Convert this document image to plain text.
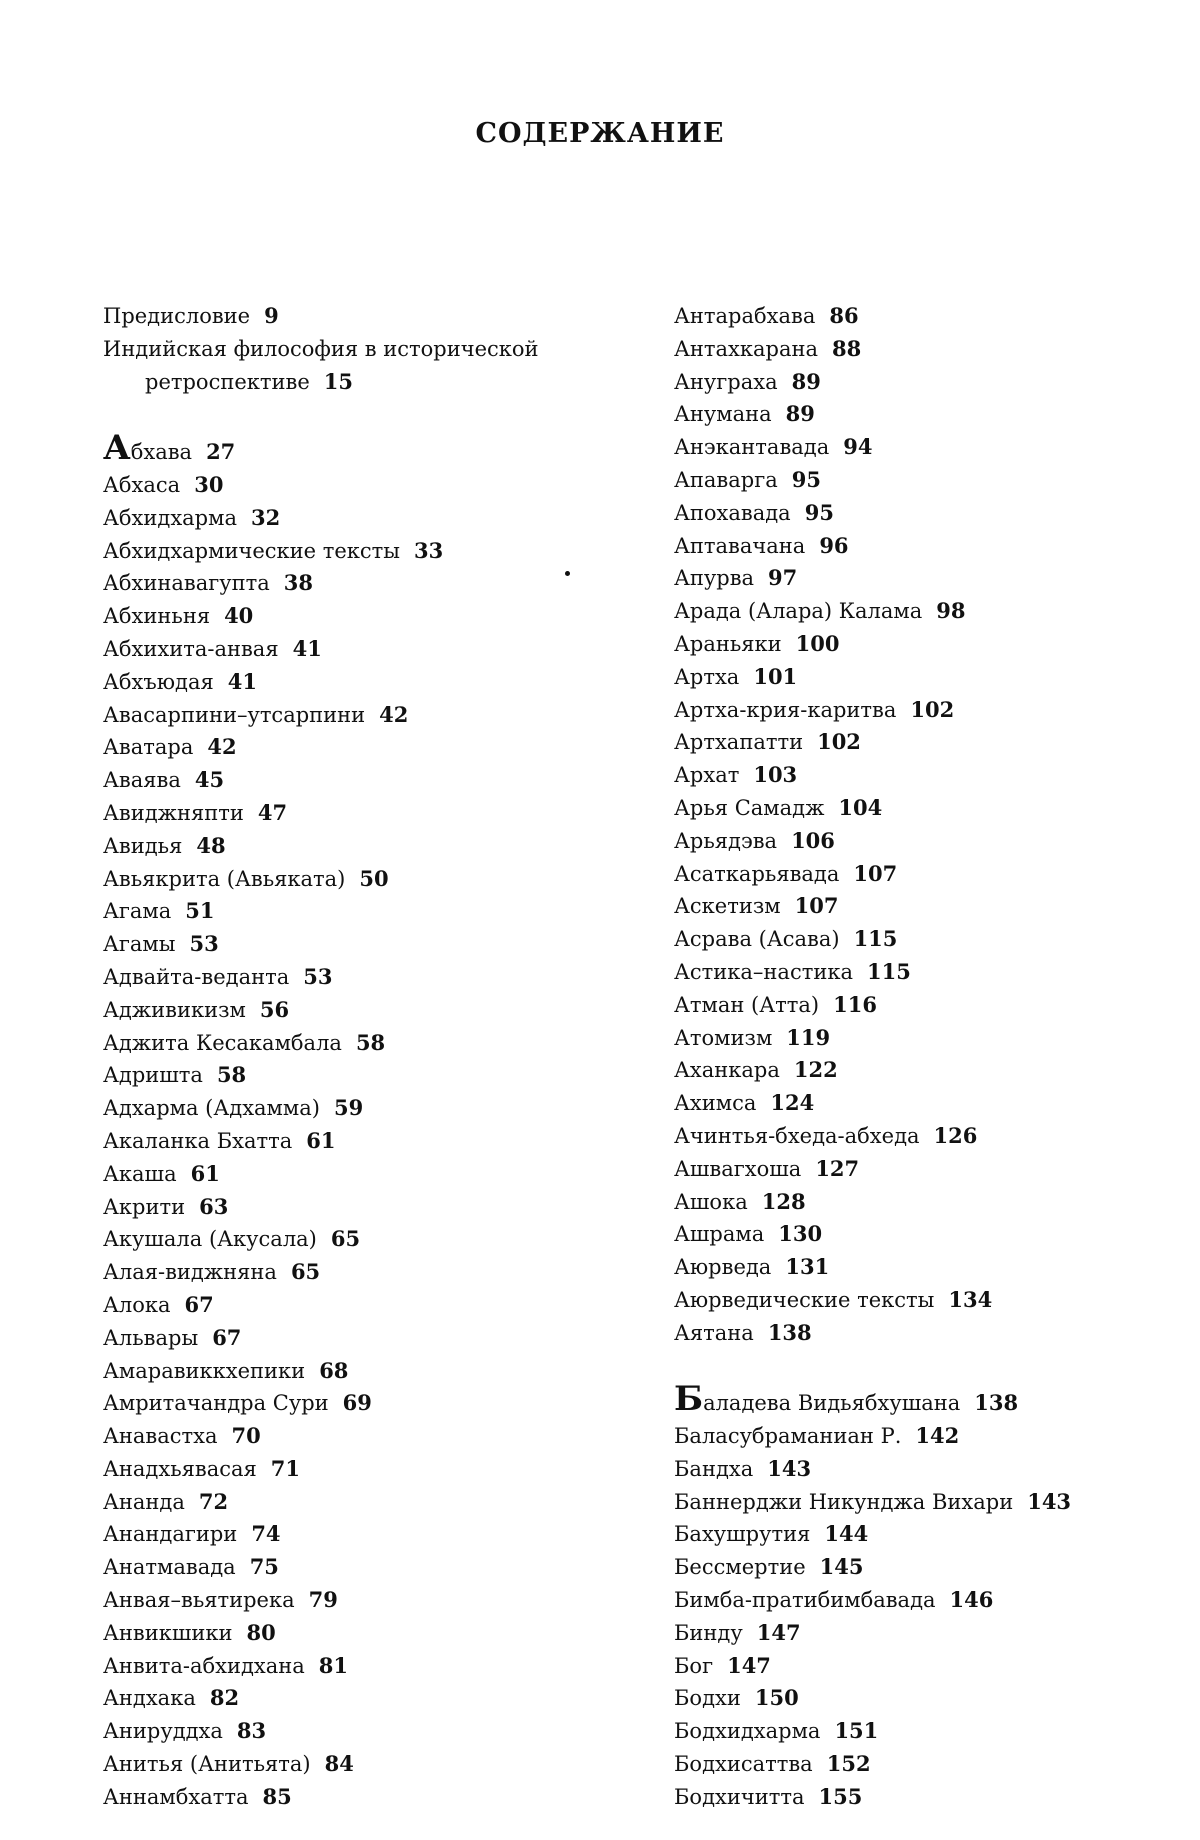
СОДЕРЖАНИЕ
Предисловие 9
Индийская философия в исторической
ретроспективе 15
Абхава 27
Абхаса 30
Абхидхарма 32
Абхидхармические тексты 33
Абхинавагупта 38
Абхиньня 40
Абхихита-анвая 41
Абхъюдая 41
Авасарпини–утсарпини 42
Аватара 42
Аваява 45
Авиджняпти 47
Авидья 48
Авьякрита (Авьяката) 50
Агама 51
Агамы 53
Адвайта-веданта 53
Адживикизм 56
Аджита Кесакамбала 58
Адришта 58
Адхарма (Адхамма) 59
Акаланка Бхатта 61
Акаша 61
Акрити 63
Акушала (Акусала) 65
Алая-виджняна 65
Алока 67
Альвары 67
Амаравиккхепики 68
Амритачандра Сури 69
Анавастха 70
Анадхьявасая 71
Ананда 72
Анандагири 74
Анатмавада 75
Анвая–вьятирека 79
Анвикшики 80
Анвита-абхидхана 81
Андхака 82
Анируддха 83
Анитья (Анитьята) 84
Аннамбхатта 85
Антарабхава 86
Антахкарана 88
Анугpаха 89
Анумана 89
Анэкантавада 94
Апаварга 95
Апохавада 95
Аптавачана 96
Апурва 97
Арада (Алара) Калама 98
Араньяки 100
Артха 101
Артха-крия-каритва 102
Артхапатти 102
Архат 103
Арья Самадж 104
Арьядэва 106
Асаткарьявада 107
Аскетизм 107
Асрава (Асава) 115
Астика–настика 115
Атман (Атта) 116
Атомизм 119
Аханкара 122
Ахимса 124
Ачинтья-бхеда-абхеда 126
Ашвагхоша 127
Ашока 128
Ашрама 130
Аюрведа 131
Аюрведические тексты 134
Аятана 138
Баладева Видьябхушана 138
Баласубраманиан Р. 142
Бандха 143
Баннерджи Никунджа Вихари 143
Бахушрутия 144
Бессмертие 145
Бимба-пратибимбавада 146
Бинду 147
Бог 147
Бодхи 150
Бодхидхарма 151
Бодхисаттва 152
Бодхичитта 155
